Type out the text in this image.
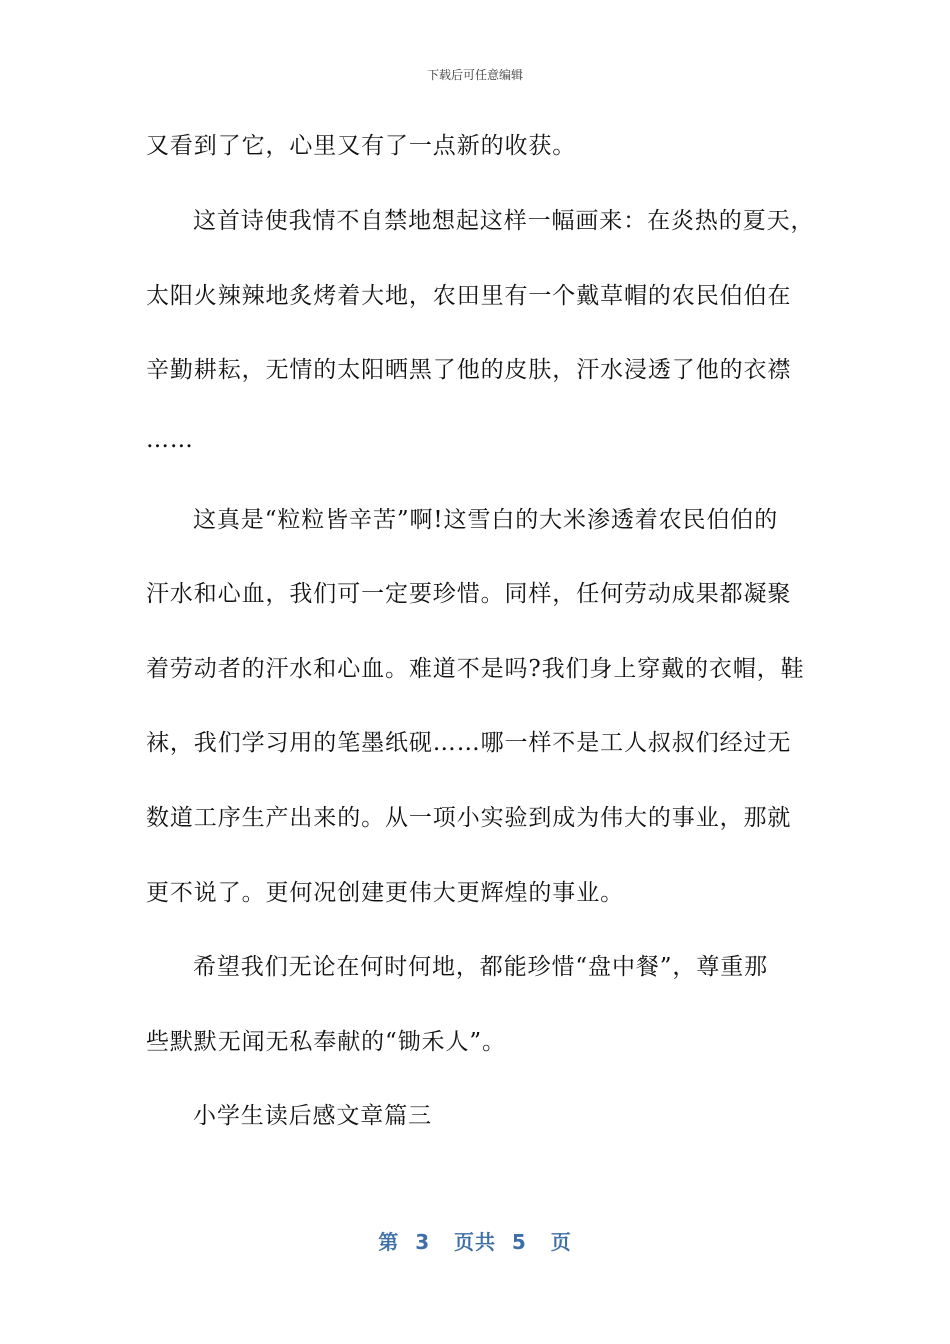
下载后可任意编辑
又看到了它，心里又有了一点新的收获。
这首诗使我情不自禁地想起这样一幅画来：在炎热的夏天，
太阳火辣辣地炙烤着大地，农田里有一个戴草帽的农民伯伯在
辛勤耕耘，无情的太阳晒黑了他的皮肤，汗水浸透了他的衣襟
……
这真是“粒粒皆辛苦”啊!这雪白的大米渗透着农民伯伯的
汗水和心血，我们可一定要珍惜。同样，任何劳动成果都凝聚
着劳动者的汗水和心血。难道不是吗?我们身上穿戴的衣帽，鞋
袜，我们学习用的笔墨纸砚……哪一样不是工人叔叔们经过无
数道工序生产出来的。从一项小实验到成为伟大的事业，那就
更不说了。更何况创建更伟大更辉煌的事业。
希望我们无论在何时何地，都能珍惜“盘中餐”，尊重那
些默默无闻无私奉献的“锄禾人”。
小学生读后感文章篇三
第  3   页共  5   页
